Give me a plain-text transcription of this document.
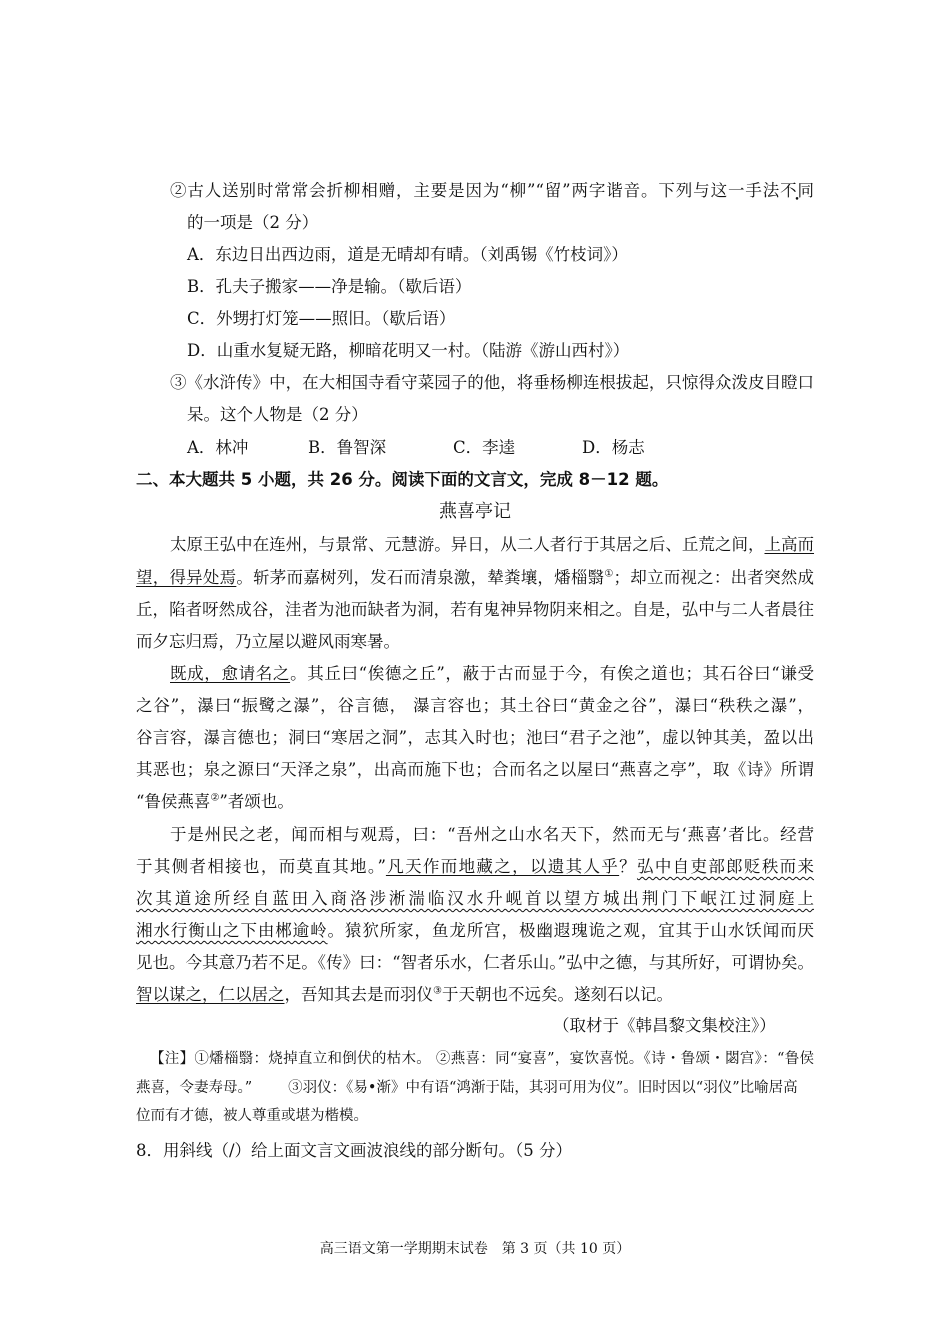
②古人送别时常常会折柳相赠，主要是因为“柳”“留”两字谐音。下列与这一手法不同
的一项是（2 分）
A．东边日出西边雨，道是无晴却有晴。（刘禹锡《竹枝词》）
B．孔夫子搬家——净是输。（歇后语）
C．外甥打灯笼——照旧。（歇后语）
D．山重水复疑无路，柳暗花明又一村。（陆游《游山西村》）
③《水浒传》中，在大相国寺看守菜园子的他，将垂杨柳连根拔起，只惊得众泼皮目瞪口
呆。这个人物是（2 分）
A．林冲	B．鲁智深	C．李逵	D．杨志
二、本大题共 5 小题，共 26 分。阅读下面的文言文，完成 8－12 题。
燕喜亭记
太原王弘中在连州，与景常、元慧游。异日，从二人者行于其居之后、丘荒之间，上高而
望，得异处焉。斩茅而嘉树列，发石而清泉激，辇粪壤，燔椔翳①；却立而视之：出者突然成
丘，陷者呀然成谷，洼者为池而缺者为洞，若有鬼神异物阴来相之。自是，弘中与二人者晨往
而夕忘归焉，乃立屋以避风雨寒暑。
既成，愈请名之。其丘曰“俟德之丘”，蔽于古而显于今，有俟之道也；其石谷曰“谦受
之谷”，瀑曰“振鹭之瀑”，谷言德， 瀑言容也；其土谷曰“黄金之谷”，瀑曰“秩秩之瀑”，
谷言容，瀑言德也；洞曰“寒居之洞”，志其入时也；池曰“君子之池”，虚以钟其美，盈以出
其恶也；泉之源曰“天泽之泉”，出高而施下也；合而名之以屋曰“燕喜之亭”，取《诗》所谓
“鲁侯燕喜②”者颂也。
于是州民之老，闻而相与观焉，曰：“吾州之山水名天下，然而无与‘燕喜’者比。经营
于其侧者相接也，而莫直其地。”凡天作而地藏之，以遗其人乎？弘中自吏部郎贬秩而来
次其道途所经自蓝田入商洛涉淅湍临汉水升岘首以望方城出荆门下岷江过洞庭上
湘水行衡山之下由郴逾岭。猿狖所家，鱼龙所宫，极幽遐瑰诡之观，宜其于山水饫闻而厌
见也。今其意乃若不足。《传》曰：“智者乐水，仁者乐山。”弘中之德，与其所好，可谓协矣。
智以谋之，仁以居之，吾知其去是而羽仪③于天朝也不远矣。遂刻石以记。
（取材于《韩昌黎文集校注》）
【注】①燔椔翳：烧掉直立和倒伏的枯木。 ②燕喜：同“宴喜”，宴饮喜悦。《诗・鲁颂・閟宫》：“鲁侯
燕喜，令妻寿母。” ③羽仪：《易•渐》中有语“鸿渐于陆，其羽可用为仪”。旧时因以“羽仪”比喻居高
位而有才德，被人尊重或堪为楷模。
8．用斜线（/）给上面文言文画波浪线的部分断句。（5 分）
高三语文第一学期期末试卷　第 3 页（共 10 页）
